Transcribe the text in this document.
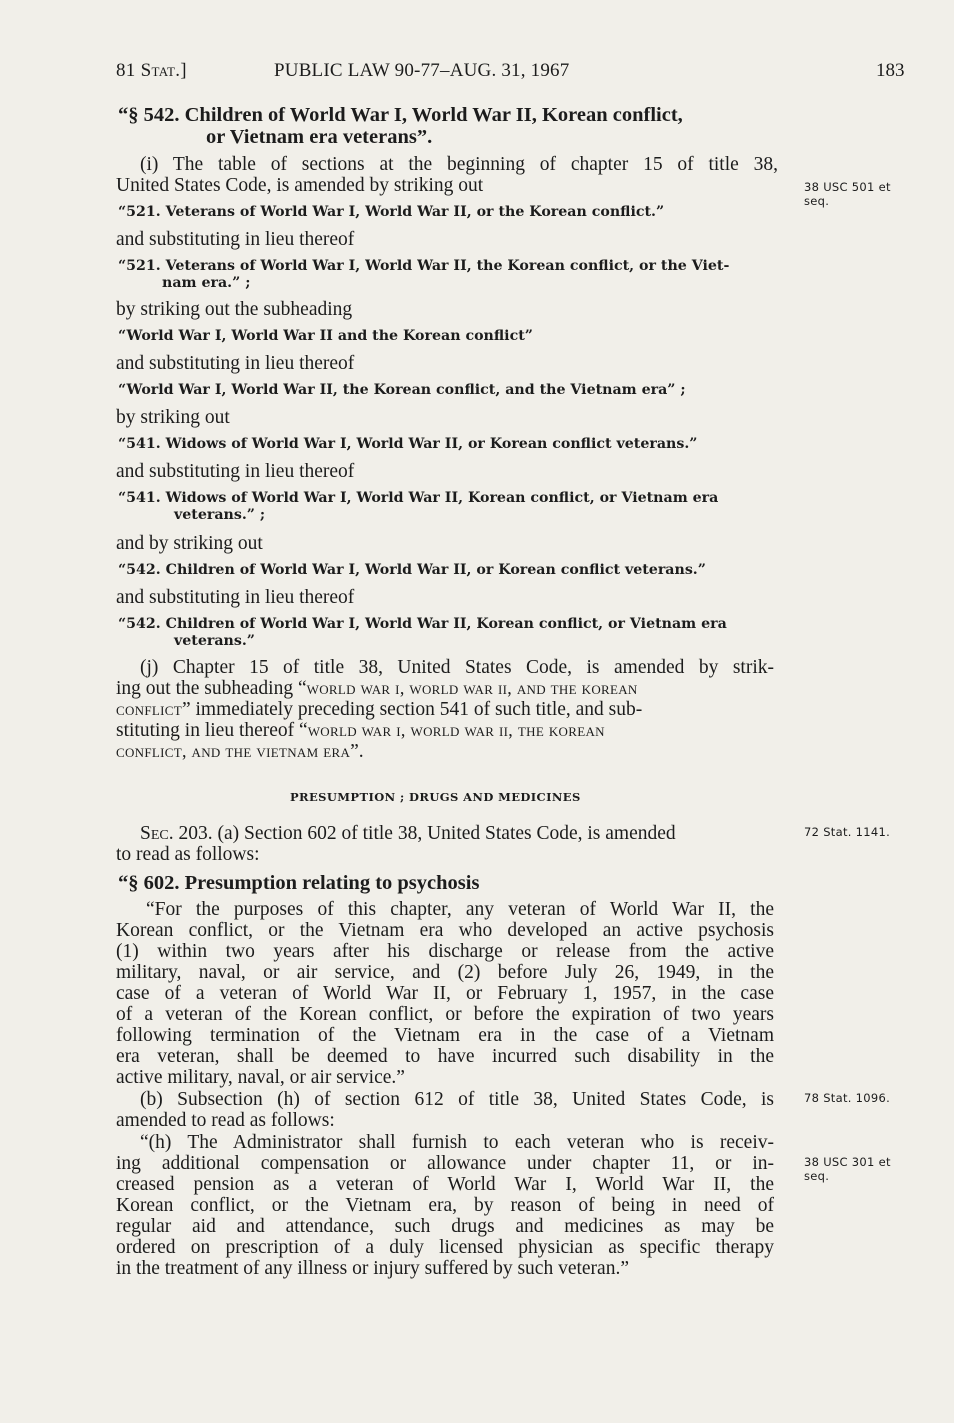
81 Stat.]	PUBLIC LAW 90-77–AUG. 31, 1967	183
“§ 542. Children of World War I, World War II, Korean conflict,
or Vietnam era veterans”.
(i) The table of sections at the beginning of chapter 15 of title 38,
United States Code, is amended by striking out	38 USC 501 et
seq.
“521. Veterans of World War I, World War II, or the Korean conflict.”
and substituting in lieu thereof
“521. Veterans of World War I, World War II, the Korean conflict, or the Viet-
nam era.” ;
by striking out the subheading
“World War I, World War II and the Korean conflict”
and substituting in lieu thereof
“World War I, World War II, the Korean conflict, and the Vietnam era” ;
by striking out
“541. Widows of World War I, World War II, or Korean conflict veterans.”
and substituting in lieu thereof
“541. Widows of World War I, World War II, Korean conflict, or Vietnam era
veterans.” ;
and by striking out
“542. Children of World War I, World War II, or Korean conflict veterans.”
and substituting in lieu thereof
“542. Children of World War I, World War II, Korean conflict, or Vietnam era
veterans.”
(j) Chapter 15 of title 38, United States Code, is amended by strik-
ing out the subheading “world war i, world war ii, and the korean
conflict” immediately preceding section 541 of such title, and sub-
stituting in lieu thereof “world war i, world war ii, the korean
conflict, and the vietnam era”.
PRESUMPTION ; DRUGS AND MEDICINES
Sec. 203. (a) Section 602 of title 38, United States Code, is amended
to read as follows:
72 Stat. 1141.
“§ 602. Presumption relating to psychosis
“For the purposes of this chapter, any veteran of World War II, the
Korean conflict, or the Vietnam era who developed an active psychosis
(1) within two years after his discharge or release from the active
military, naval, or air service, and (2) before July 26, 1949, in the
case of a veteran of World War II, or February 1, 1957, in the case
of a veteran of the Korean conflict, or before the expiration of two years
following termination of the Vietnam era in the case of a Vietnam
era veteran, shall be deemed to have incurred such disability in the
active military, naval, or air service.”
(b) Subsection (h) of section 612 of title 38, United States Code, is
amended to read as follows:
78 Stat. 1096.
“(h) The Administrator shall furnish to each veteran who is receiv-
ing additional compensation or allowance under chapter 11, or in-
creased pension as a veteran of World War I, World War II, the
Korean conflict, or the Vietnam era, by reason of being in need of
regular aid and attendance, such drugs and medicines as may be
ordered on prescription of a duly licensed physician as specific therapy
in the treatment of any illness or injury suffered by such veteran.”
38 USC 301 et
seq.
